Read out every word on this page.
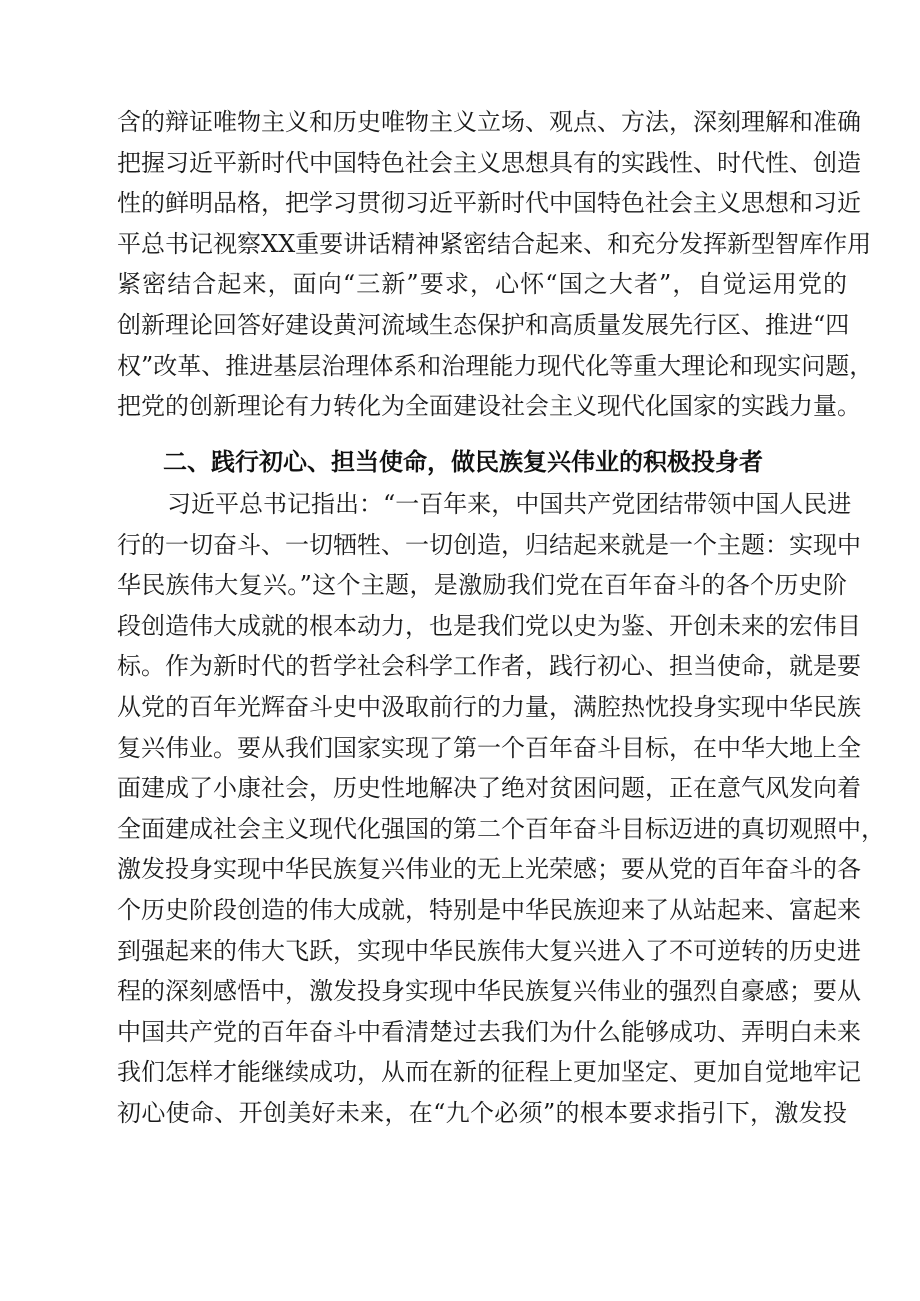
含的辩证唯物主义和历史唯物主义立场、观点、方法，深刻理解和准确
把握习近平新时代中国特色社会主义思想具有的实践性、时代性、创造
性的鲜明品格，把学习贯彻习近平新时代中国特色社会主义思想和习近
平总书记视察XX重要讲话精神紧密结合起来、和充分发挥新型智库作用
紧密结合起来，面向“三新”要求，心怀“国之大者”，自觉运用党的
创新理论回答好建设黄河流域生态保护和高质量发展先行区、推进“四
权”改革、推进基层治理体系和治理能力现代化等重大理论和现实问题，
把党的创新理论有力转化为全面建设社会主义现代化国家的实践力量。
二、践行初心、担当使命，做民族复兴伟业的积极投身者
习近平总书记指出：“一百年来，中国共产党团结带领中国人民进
行的一切奋斗、一切牺牲、一切创造，归结起来就是一个主题：实现中
华民族伟大复兴。”这个主题，是激励我们党在百年奋斗的各个历史阶
段创造伟大成就的根本动力，也是我们党以史为鉴、开创未来的宏伟目
标。作为新时代的哲学社会科学工作者，践行初心、担当使命，就是要
从党的百年光辉奋斗史中汲取前行的力量，满腔热忱投身实现中华民族
复兴伟业。要从我们国家实现了第一个百年奋斗目标，在中华大地上全
面建成了小康社会，历史性地解决了绝对贫困问题，正在意气风发向着
全面建成社会主义现代化强国的第二个百年奋斗目标迈进的真切观照中，
激发投身实现中华民族复兴伟业的无上光荣感；要从党的百年奋斗的各
个历史阶段创造的伟大成就，特别是中华民族迎来了从站起来、富起来
到强起来的伟大飞跃，实现中华民族伟大复兴进入了不可逆转的历史进
程的深刻感悟中，激发投身实现中华民族复兴伟业的强烈自豪感；要从
中国共产党的百年奋斗中看清楚过去我们为什么能够成功、弄明白未来
我们怎样才能继续成功，从而在新的征程上更加坚定、更加自觉地牢记
初心使命、开创美好未来，在“九个必须”的根本要求指引下，激发投
